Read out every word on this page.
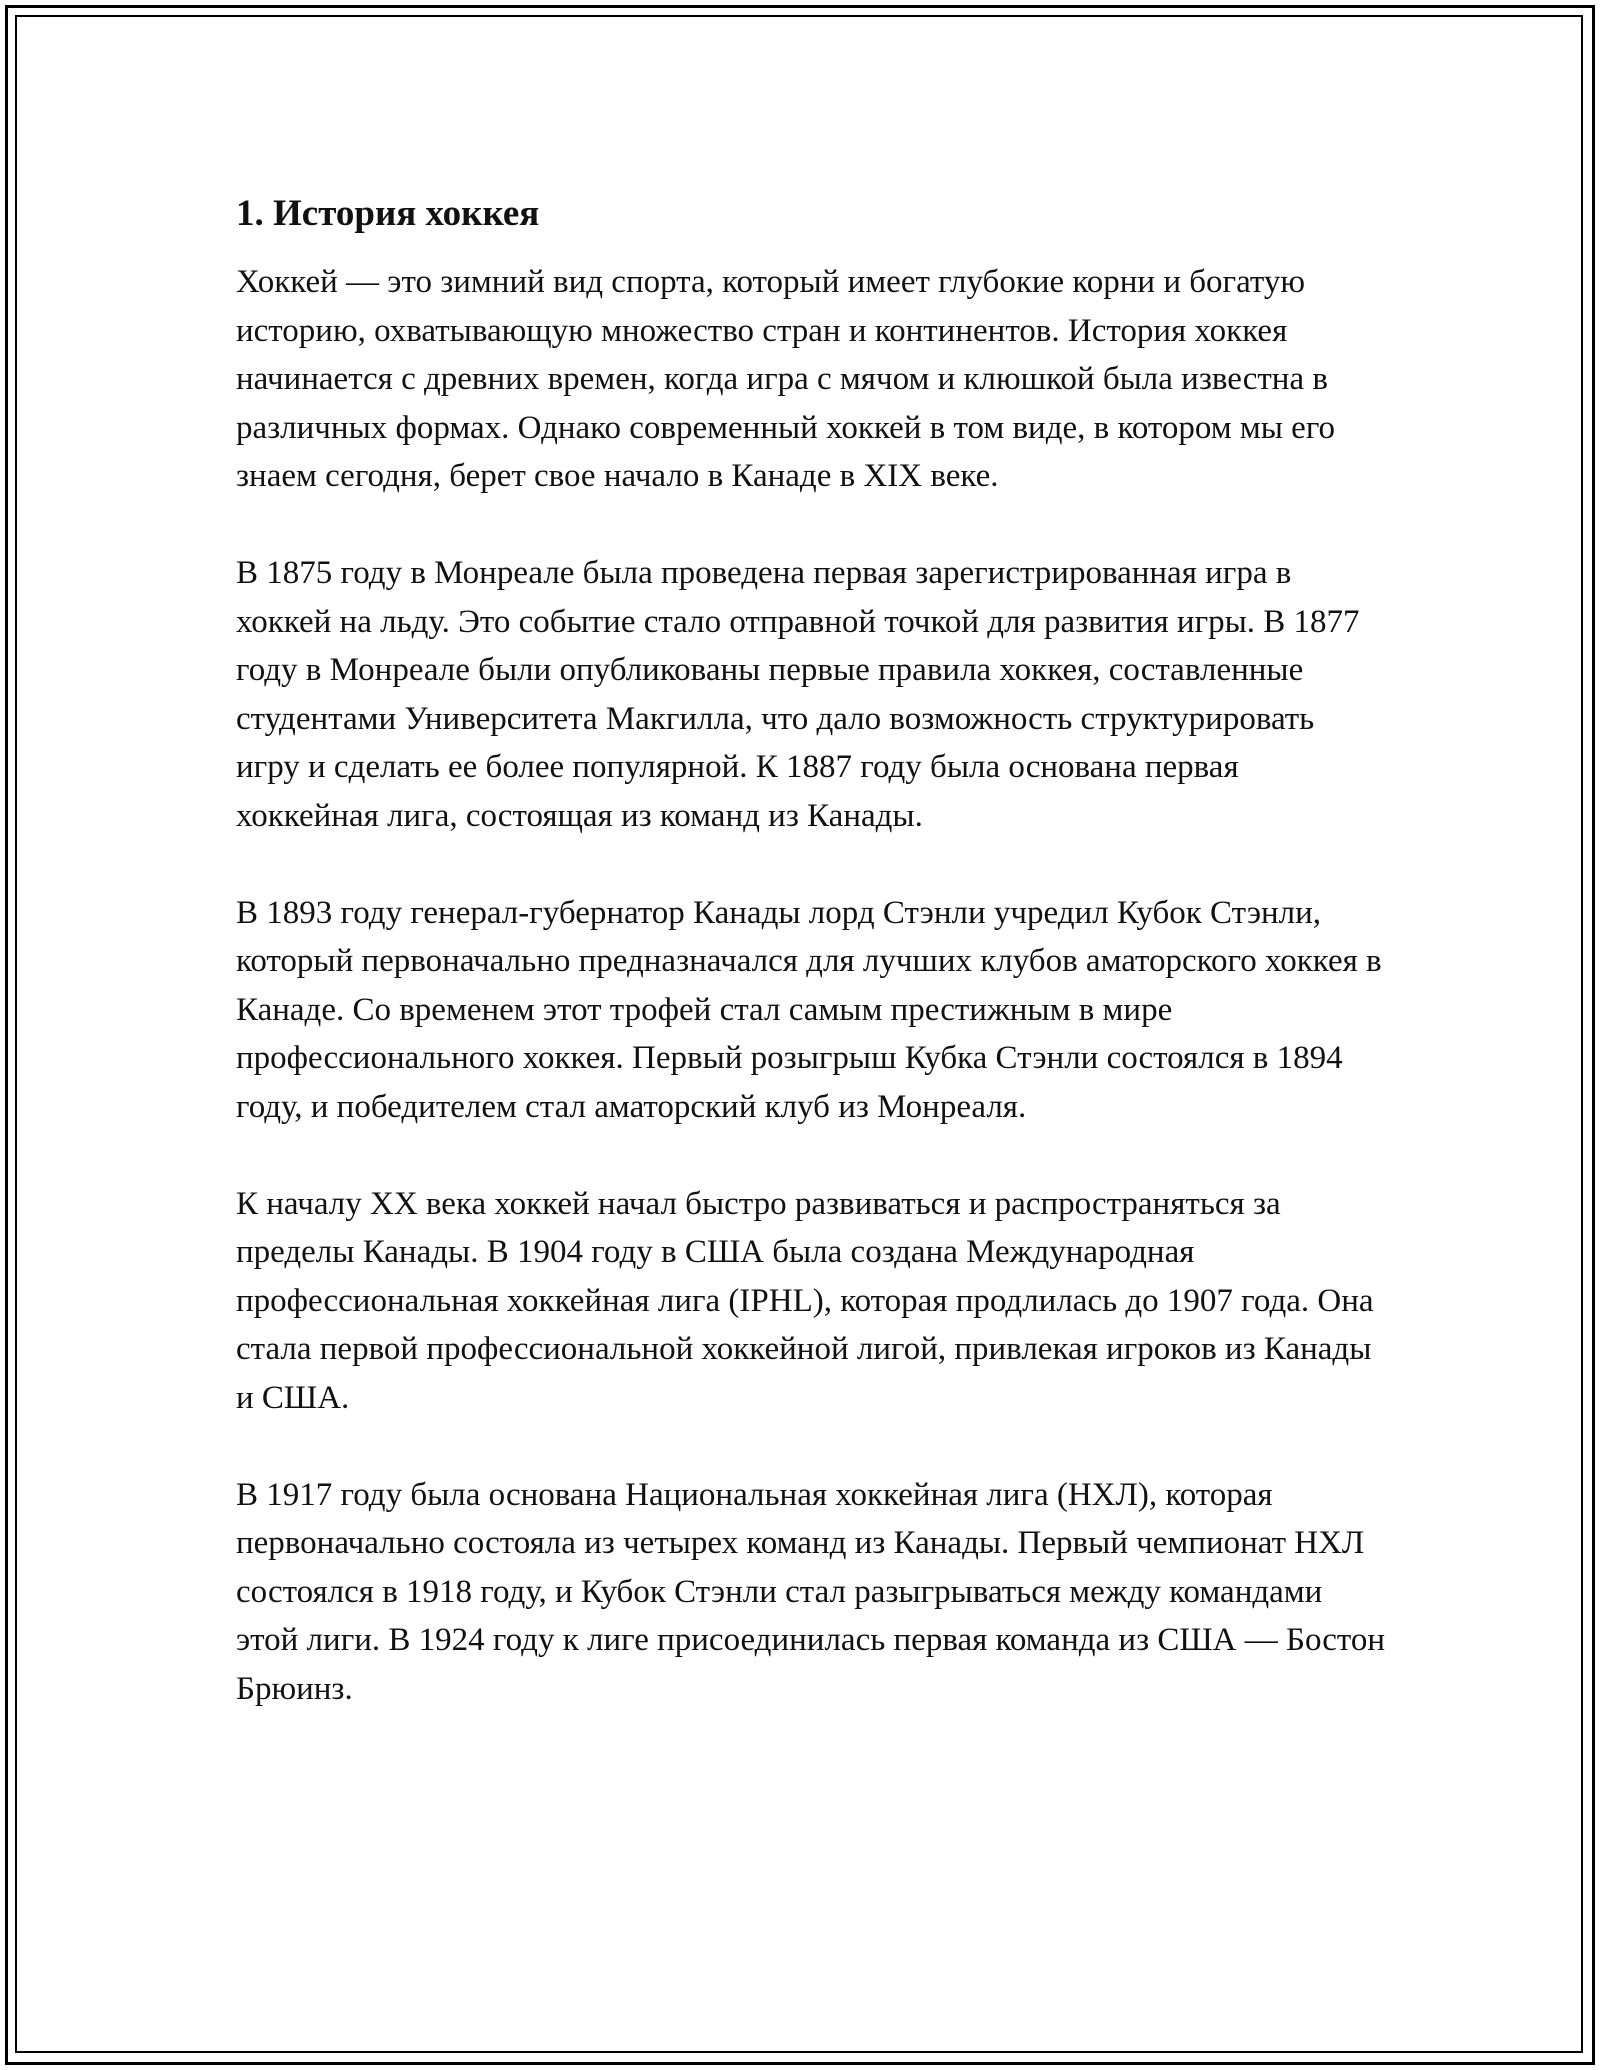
1. История хоккея

Хоккей — это зимний вид спорта, который имеет глубокие корни и богатую историю, охватывающую множество стран и континентов. История хоккея начинается с древних времен, когда игра с мячом и клюшкой была известна в различных формах. Однако современный хоккей в том виде, в котором мы его знаем сегодня, берет свое начало в Канаде в XIX веке.

В 1875 году в Монреале была проведена первая зарегистрированная игра в хоккей на льду. Это событие стало отправной точкой для развития игры. В 1877 году в Монреале были опубликованы первые правила хоккея, составленные студентами Университета Макгилла, что дало возможность структурировать игру и сделать ее более популярной. К 1887 году была основана первая хоккейная лига, состоящая из команд из Канады.

В 1893 году генерал-губернатор Канады лорд Стэнли учредил Кубок Стэнли, который первоначально предназначался для лучших клубов аматорского хоккея в Канаде. Со временем этот трофей стал самым престижным в мире профессионального хоккея. Первый розыгрыш Кубка Стэнли состоялся в 1894 году, и победителем стал аматорский клуб из Монреаля.

К началу XX века хоккей начал быстро развиваться и распространяться за пределы Канады. В 1904 году в США была создана Международная профессиональная хоккейная лига (IPHL), которая продлилась до 1907 года. Она стала первой профессиональной хоккейной лигой, привлекая игроков из Канады и США.

В 1917 году была основана Национальная хоккейная лига (НХЛ), которая первоначально состояла из четырех команд из Канады. Первый чемпионат НХЛ состоялся в 1918 году, и Кубок Стэнли стал разыгрываться между командами этой лиги. В 1924 году к лиге присоединилась первая команда из США — Бостон Брюинз.
